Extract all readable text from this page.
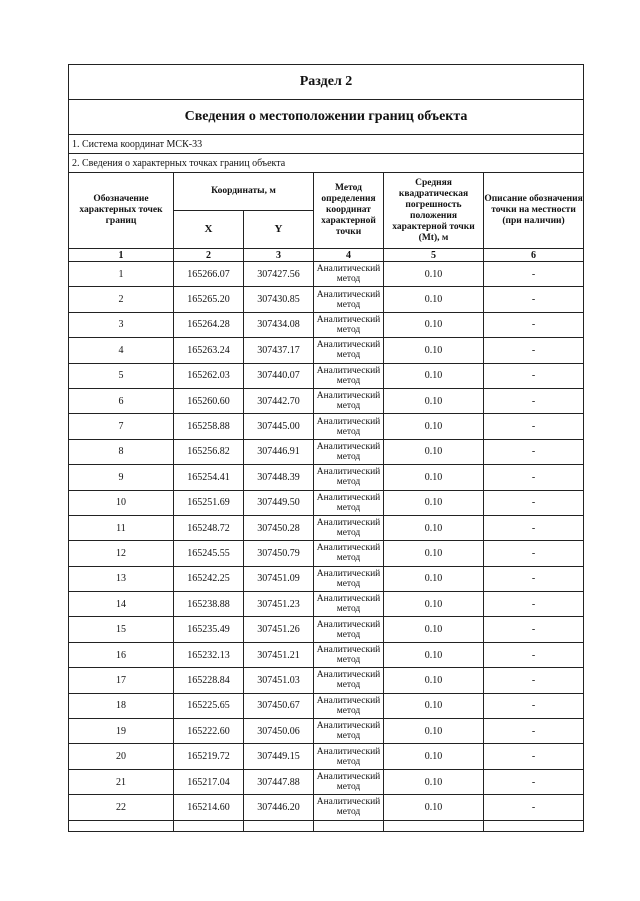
Раздел 2					
Сведения о местоположении границ объекта					
1. Система координат МСК-33					
2. Сведения о характерных точках границ объекта					
Обозначение характерных точек границ	Координаты, м		Метод определения координат характерной точки	Средняя квадратическая погрешность положения характерной точки (Mt), м	Описание обозначения точки на местности (при наличии)
	X	Y			
1	2	3	4	5	6
1	165266.07	307427.56	Аналитический метод	0.10	-
2	165265.20	307430.85	Аналитический метод	0.10	-
3	165264.28	307434.08	Аналитический метод	0.10	-
4	165263.24	307437.17	Аналитический метод	0.10	-
5	165262.03	307440.07	Аналитический метод	0.10	-
6	165260.60	307442.70	Аналитический метод	0.10	-
7	165258.88	307445.00	Аналитический метод	0.10	-
8	165256.82	307446.91	Аналитический метод	0.10	-
9	165254.41	307448.39	Аналитический метод	0.10	-
10	165251.69	307449.50	Аналитический метод	0.10	-
11	165248.72	307450.28	Аналитический метод	0.10	-
12	165245.55	307450.79	Аналитический метод	0.10	-
13	165242.25	307451.09	Аналитический метод	0.10	-
14	165238.88	307451.23	Аналитический метод	0.10	-
15	165235.49	307451.26	Аналитический метод	0.10	-
16	165232.13	307451.21	Аналитический метод	0.10	-
17	165228.84	307451.03	Аналитический метод	0.10	-
18	165225.65	307450.67	Аналитический метод	0.10	-
19	165222.60	307450.06	Аналитический метод	0.10	-
20	165219.72	307449.15	Аналитический метод	0.10	-
21	165217.04	307447.88	Аналитический метод	0.10	-
22	165214.60	307446.20	Аналитический метод	0.10	-
